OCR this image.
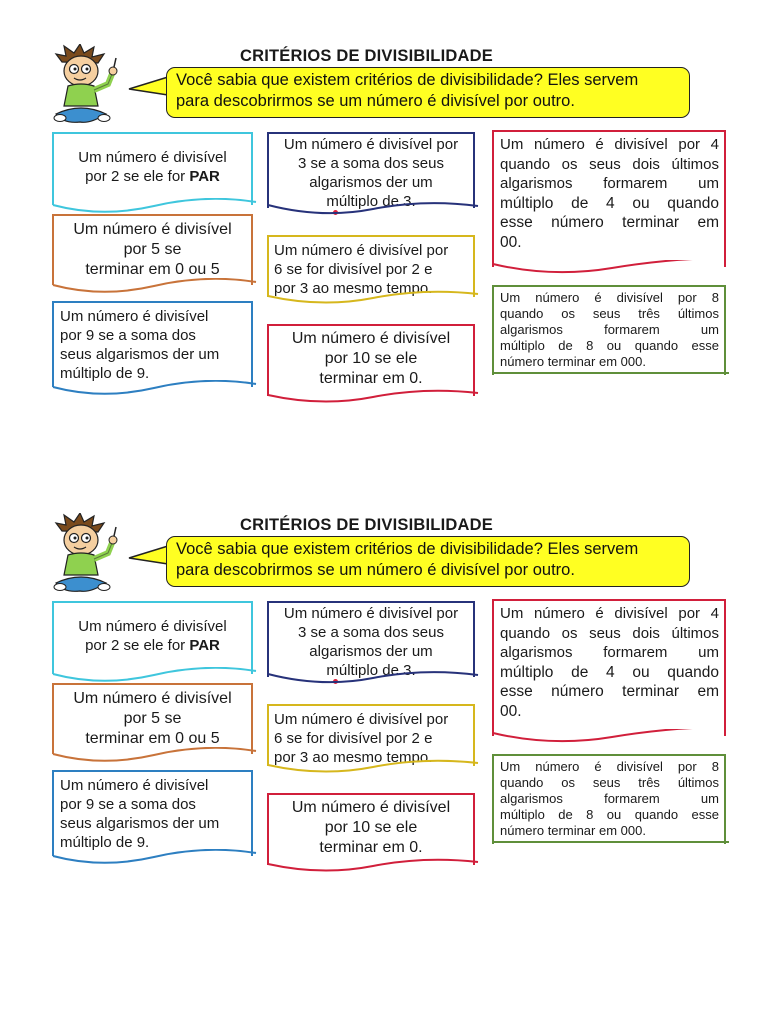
CRITÉRIOS DE DIVISIBILIDADE
Você sabia que existem critérios de divisibilidade? Eles servem
para descobrirmos se um número é divisível por outro.
Um número é divisível
por 2 se ele for PAR
Um número é divisível
por 5 se
terminar em 0 ou 5
Um número é divisível
por 9 se a soma dos
seus algarismos der um
múltiplo de 9.
Um número é divisível por
3 se a soma dos seus
algarismos der um
múltiplo de 3.
Um número é divisível por
6 se for divisível por 2 e
por 3 ao mesmo tempo.
Um número é divisível
por 10 se ele
terminar em 0.
Um número é divisível por 4
quando os seus dois últimos
algarismos formarem um
múltiplo de 4 ou quando
esse número terminar em
00.
Um número é divisível por 8
quando os seus três últimos
algarismos formarem um
múltiplo de 8 ou quando esse
número terminar em 000.
CRITÉRIOS DE DIVISIBILIDADE
Você sabia que existem critérios de divisibilidade? Eles servem
para descobrirmos se um número é divisível por outro.
Um número é divisível
por 2 se ele for PAR
Um número é divisível
por 5 se
terminar em 0 ou 5
Um número é divisível
por 9 se a soma dos
seus algarismos der um
múltiplo de 9.
Um número é divisível por
3 se a soma dos seus
algarismos der um
múltiplo de 3.
Um número é divisível por
6 se for divisível por 2 e
por 3 ao mesmo tempo.
Um número é divisível
por 10 se ele
terminar em 0.
Um número é divisível por 4
quando os seus dois últimos
algarismos formarem um
múltiplo de 4 ou quando
esse número terminar em
00.
Um número é divisível por 8
quando os seus três últimos
algarismos formarem um
múltiplo de 8 ou quando esse
número terminar em 000.
